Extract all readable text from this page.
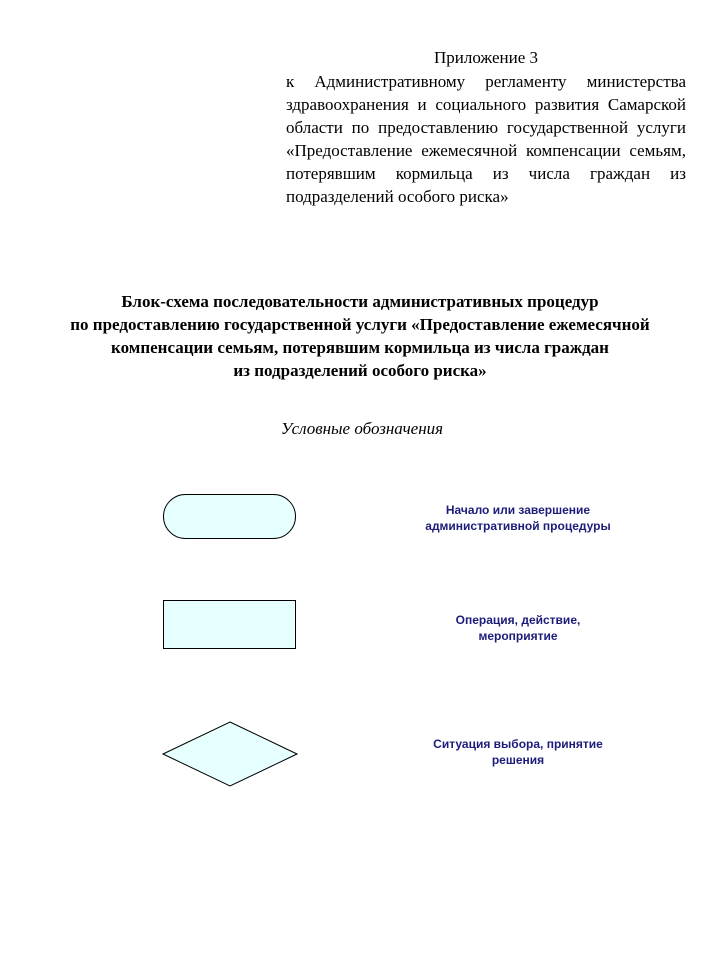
Приложение 3
к Административному регламенту министерства здравоохранения и социального развития Самарской области по предоставлению государственной услуги «Предоставление ежемесячной компенсации семьям, потерявшим кормильца из числа граждан из подразделений особого риска»
Блок-схема последовательности административных процедур
по предоставлению государственной услуги «Предоставление ежемесячной
компенсации семьям, потерявшим кормильца из числа граждан
из подразделений особого риска»
Условные обозначения
Начало или завершение
административной процедуры
Операция, действие,
мероприятие
Ситуация выбора, принятие
решения
